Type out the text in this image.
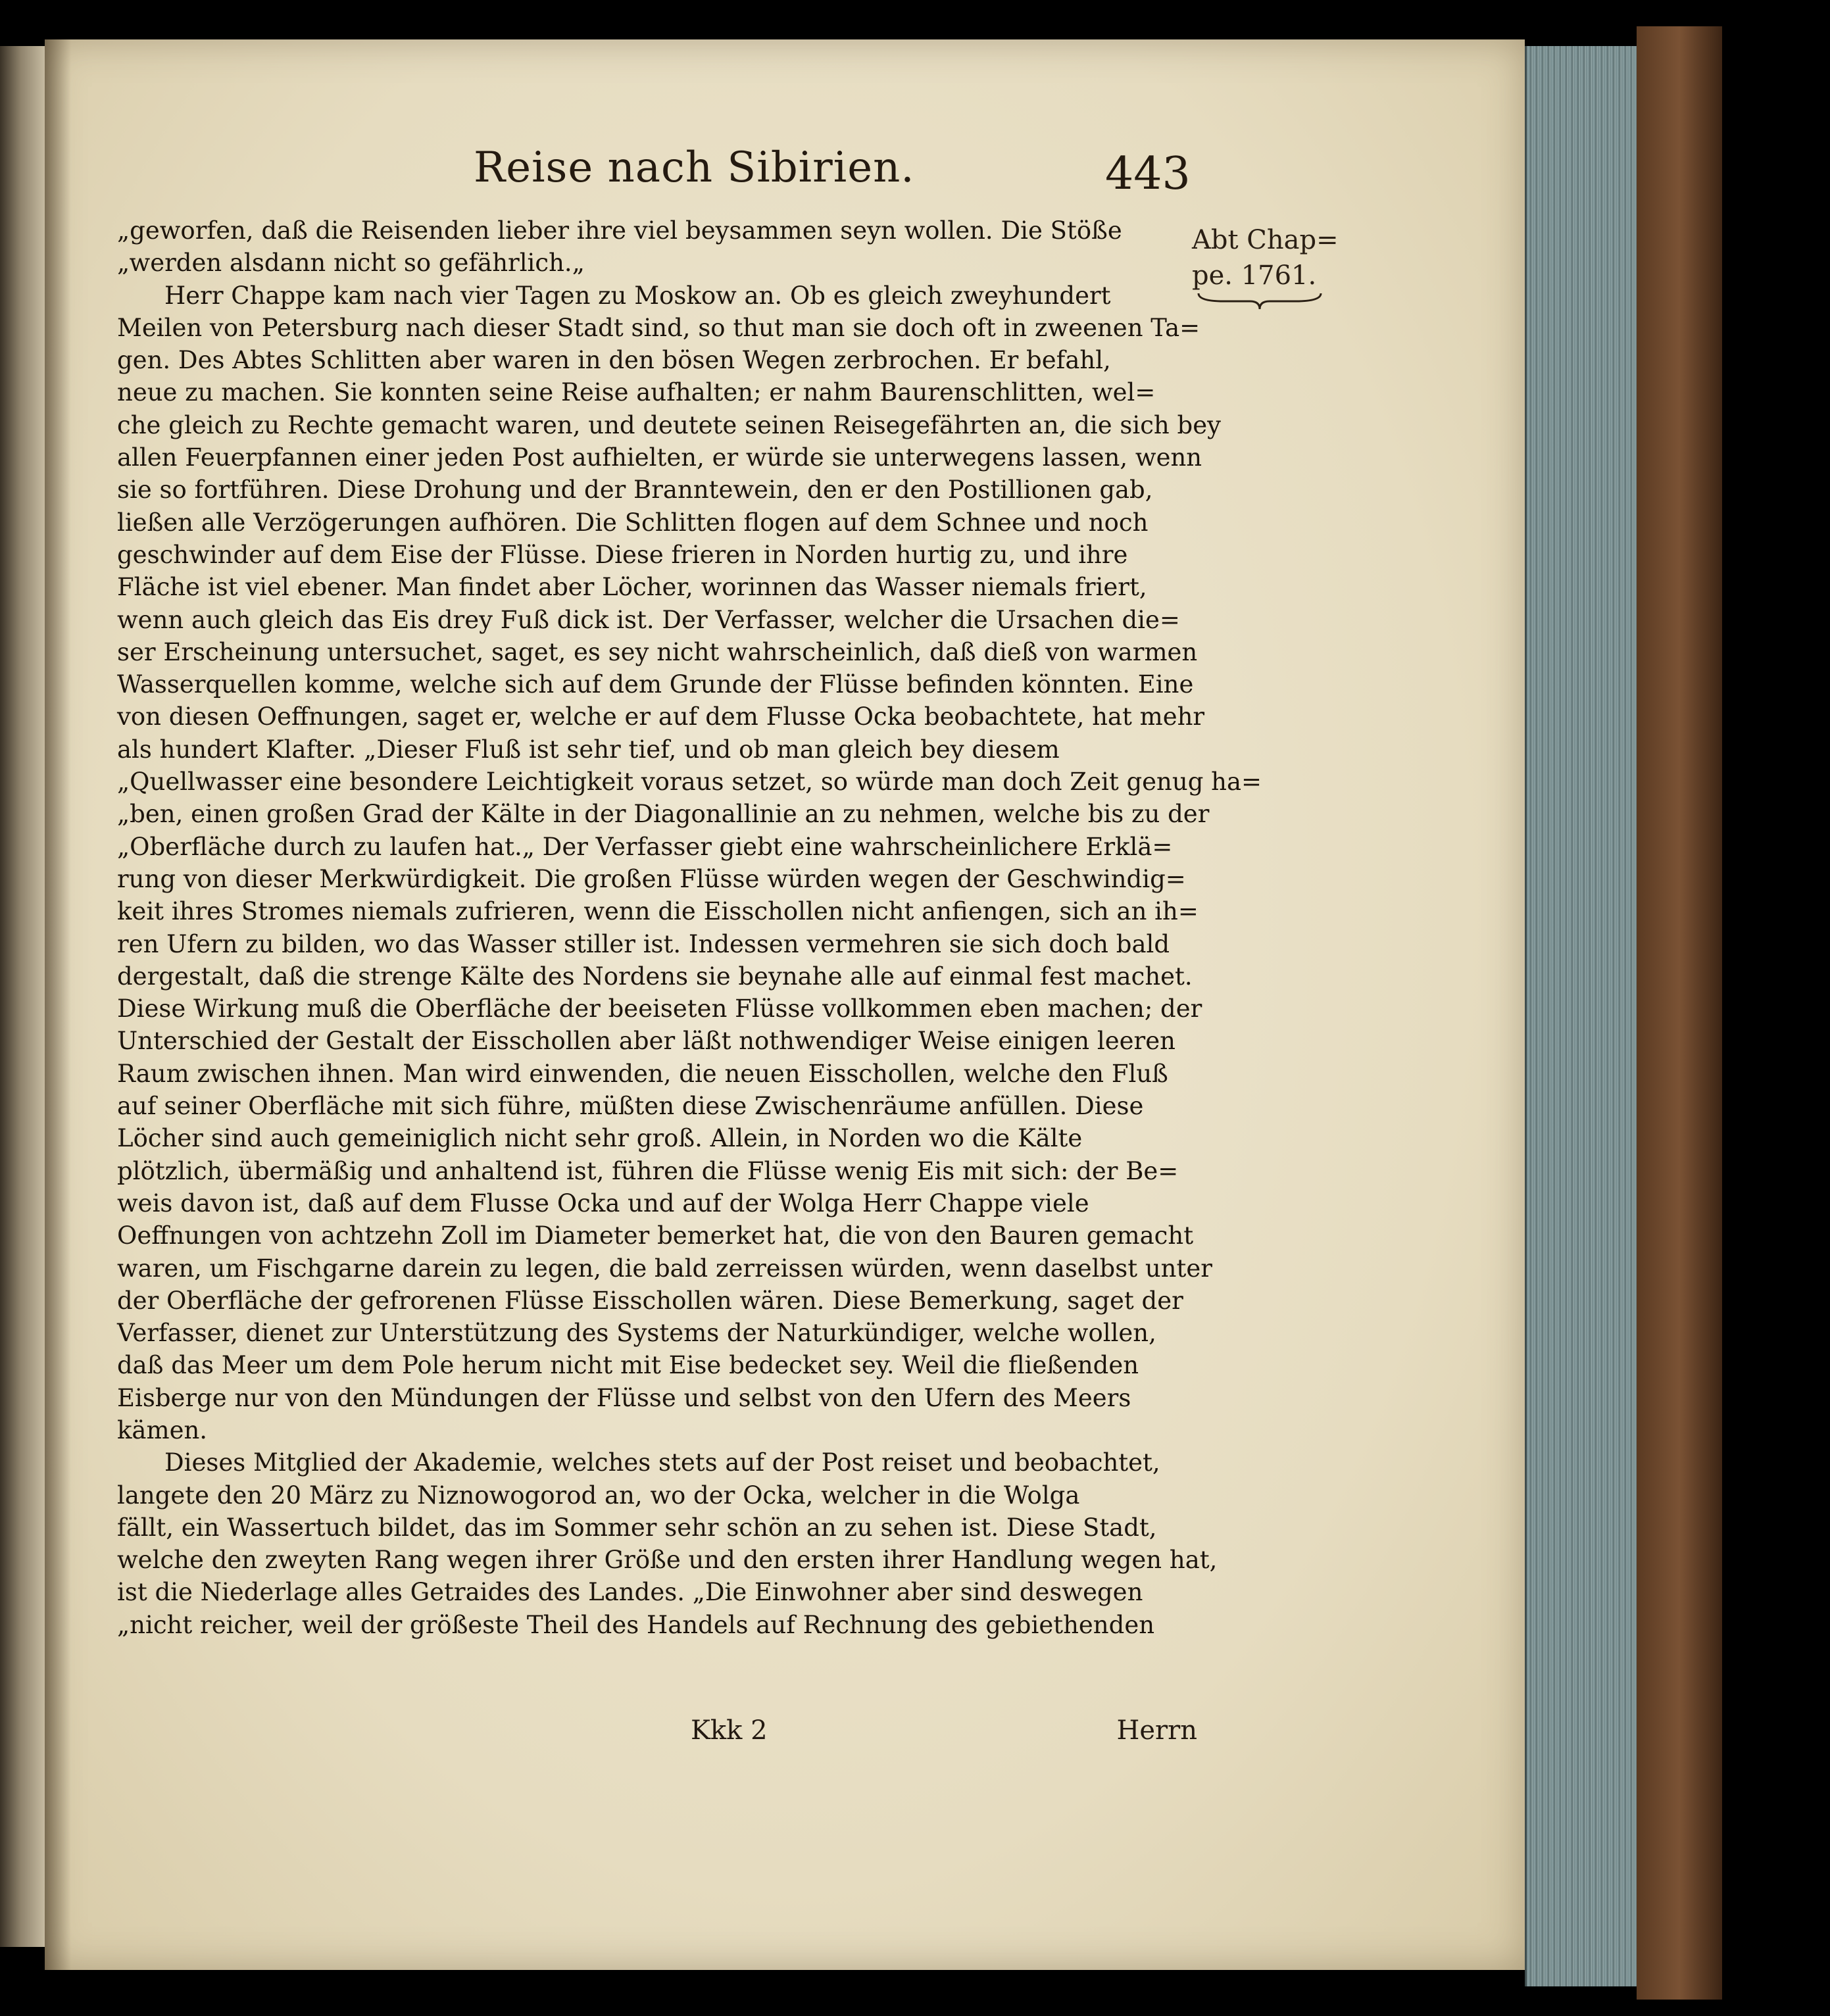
Reise nach Sibirien.	443
Abt Chap=
pe. 1761.
„geworfen, daß die Reisenden lieber ihre viel beysammen seyn wollen. Die Stöße
„werden alsdann nicht so gefährlich.„
Herr Chappe kam nach vier Tagen zu Moskow an. Ob es gleich zweyhundert
Meilen von Petersburg nach dieser Stadt sind, so thut man sie doch oft in zweenen Ta=
gen. Des Abtes Schlitten aber waren in den bösen Wegen zerbrochen. Er befahl,
neue zu machen. Sie konnten seine Reise aufhalten; er nahm Baurenschlitten, wel=
che gleich zu Rechte gemacht waren, und deutete seinen Reisegefährten an, die sich bey
allen Feuerpfannen einer jeden Post aufhielten, er würde sie unterwegens lassen, wenn
sie so fortführen. Diese Drohung und der Branntewein, den er den Postillionen gab,
ließen alle Verzögerungen aufhören. Die Schlitten flogen auf dem Schnee und noch
geschwinder auf dem Eise der Flüsse. Diese frieren in Norden hurtig zu, und ihre
Fläche ist viel ebener. Man findet aber Löcher, worinnen das Wasser niemals friert,
wenn auch gleich das Eis drey Fuß dick ist. Der Verfasser, welcher die Ursachen die=
ser Erscheinung untersuchet, saget, es sey nicht wahrscheinlich, daß dieß von warmen
Wasserquellen komme, welche sich auf dem Grunde der Flüsse befinden könnten. Eine
von diesen Oeffnungen, saget er, welche er auf dem Flusse Ocka beobachtete, hat mehr
als hundert Klafter. „Dieser Fluß ist sehr tief, und ob man gleich bey diesem
„Quellwasser eine besondere Leichtigkeit voraus setzet, so würde man doch Zeit genug ha=
„ben, einen großen Grad der Kälte in der Diagonallinie an zu nehmen, welche bis zu der
„Oberfläche durch zu laufen hat.„ Der Verfasser giebt eine wahrscheinlichere Erklä=
rung von dieser Merkwürdigkeit. Die großen Flüsse würden wegen der Geschwindig=
keit ihres Stromes niemals zufrieren, wenn die Eisschollen nicht anfiengen, sich an ih=
ren Ufern zu bilden, wo das Wasser stiller ist. Indessen vermehren sie sich doch bald
dergestalt, daß die strenge Kälte des Nordens sie beynahe alle auf einmal fest machet.
Diese Wirkung muß die Oberfläche der beeiseten Flüsse vollkommen eben machen; der
Unterschied der Gestalt der Eisschollen aber läßt nothwendiger Weise einigen leeren
Raum zwischen ihnen. Man wird einwenden, die neuen Eisschollen, welche den Fluß
auf seiner Oberfläche mit sich führe, müßten diese Zwischenräume anfüllen. Diese
Löcher sind auch gemeiniglich nicht sehr groß. Allein, in Norden wo die Kälte
plötzlich, übermäßig und anhaltend ist, führen die Flüsse wenig Eis mit sich: der Be=
weis davon ist, daß auf dem Flusse Ocka und auf der Wolga Herr Chappe viele
Oeffnungen von achtzehn Zoll im Diameter bemerket hat, die von den Bauren gemacht
waren, um Fischgarne darein zu legen, die bald zerreissen würden, wenn daselbst unter
der Oberfläche der gefrorenen Flüsse Eisschollen wären. Diese Bemerkung, saget der
Verfasser, dienet zur Unterstützung des Systems der Naturkündiger, welche wollen,
daß das Meer um dem Pole herum nicht mit Eise bedecket sey. Weil die fließenden
Eisberge nur von den Mündungen der Flüsse und selbst von den Ufern des Meers
kämen.
Dieses Mitglied der Akademie, welches stets auf der Post reiset und beobachtet,
langete den 20 März zu Niznowogorod an, wo der Ocka, welcher in die Wolga
fällt, ein Wassertuch bildet, das im Sommer sehr schön an zu sehen ist. Diese Stadt,
welche den zweyten Rang wegen ihrer Größe und den ersten ihrer Handlung wegen hat,
ist die Niederlage alles Getraides des Landes. „Die Einwohner aber sind deswegen
„nicht reicher, weil der größeste Theil des Handels auf Rechnung des gebiethenden
Kkk 2	Herrn
